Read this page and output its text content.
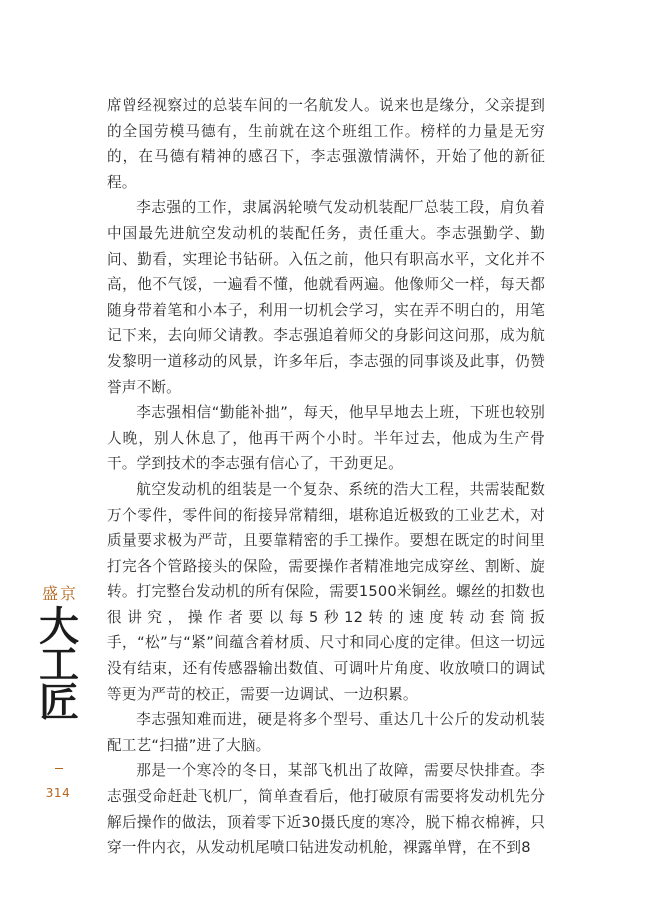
席曾经视察过的总装车间的一名航发人。说来也是缘分，父亲提到的全国劳模马德有，生前就在这个班组工作。榜样的力量是无穷的，在马德有精神的感召下，李志强激情满怀，开始了他的新征程。

李志强的工作，隶属涡轮喷气发动机装配厂总装工段，肩负着中国最先进航空发动机的装配任务，责任重大。李志强勤学、勤问、勤看，实理论书钻研。入伍之前，他只有职高水平，文化并不高，他不气馁，一遍看不懂，他就看两遍。他像师父一样，每天都随身带着笔和小本子，利用一切机会学习，实在弄不明白的，用笔记下来，去向师父请教。李志强追着师父的身影问这问那，成为航发黎明一道移动的风景，许多年后，李志强的同事谈及此事，仍赞誉声不断。

李志强相信“勤能补拙”，每天，他早早地去上班，下班也较别人晚，别人休息了，他再干两个小时。半年过去，他成为生产骨干。学到技术的李志强有信心了，干劲更足。

航空发动机的组装是一个复杂、系统的浩大工程，共需装配数万个零件，零件间的衔接异常精细，堪称追近极致的工业艺术，对质量要求极为严苛，且要靠精密的手工操作。要想在既定的时间里打完各个管路接头的保险，需要操作者精准地完成穿丝、割断、旋转。打完整台发动机的所有保险，需要1500米铜丝。螺丝的扣数也很讲究，操作者要以每5秒12转的速度转动套筒扳手，“松”与“紧”间蕴含着材质、尺寸和同心度的定律。但这一切远没有结束，还有传感器输出数值、可调叶片角度、收放喷口的调试等更为严苛的校正，需要一边调试、一边积累。

李志强知难而进，硬是将多个型号、重达几十公斤的发动机装配工艺“扫描”进了大脑。

那是一个寒冷的冬日，某部飞机出了故障，需要尽快排查。李志强受命赶赴飞机厂，简单查看后，他打破原有需要将发动机先分解后操作的做法，顶着零下近30摄氏度的寒冷，脱下棉衣棉裤，只穿一件内衣，从发动机尾喷口钻进发动机舱，裸露单臂，在不到8

盛京
大工匠
314
